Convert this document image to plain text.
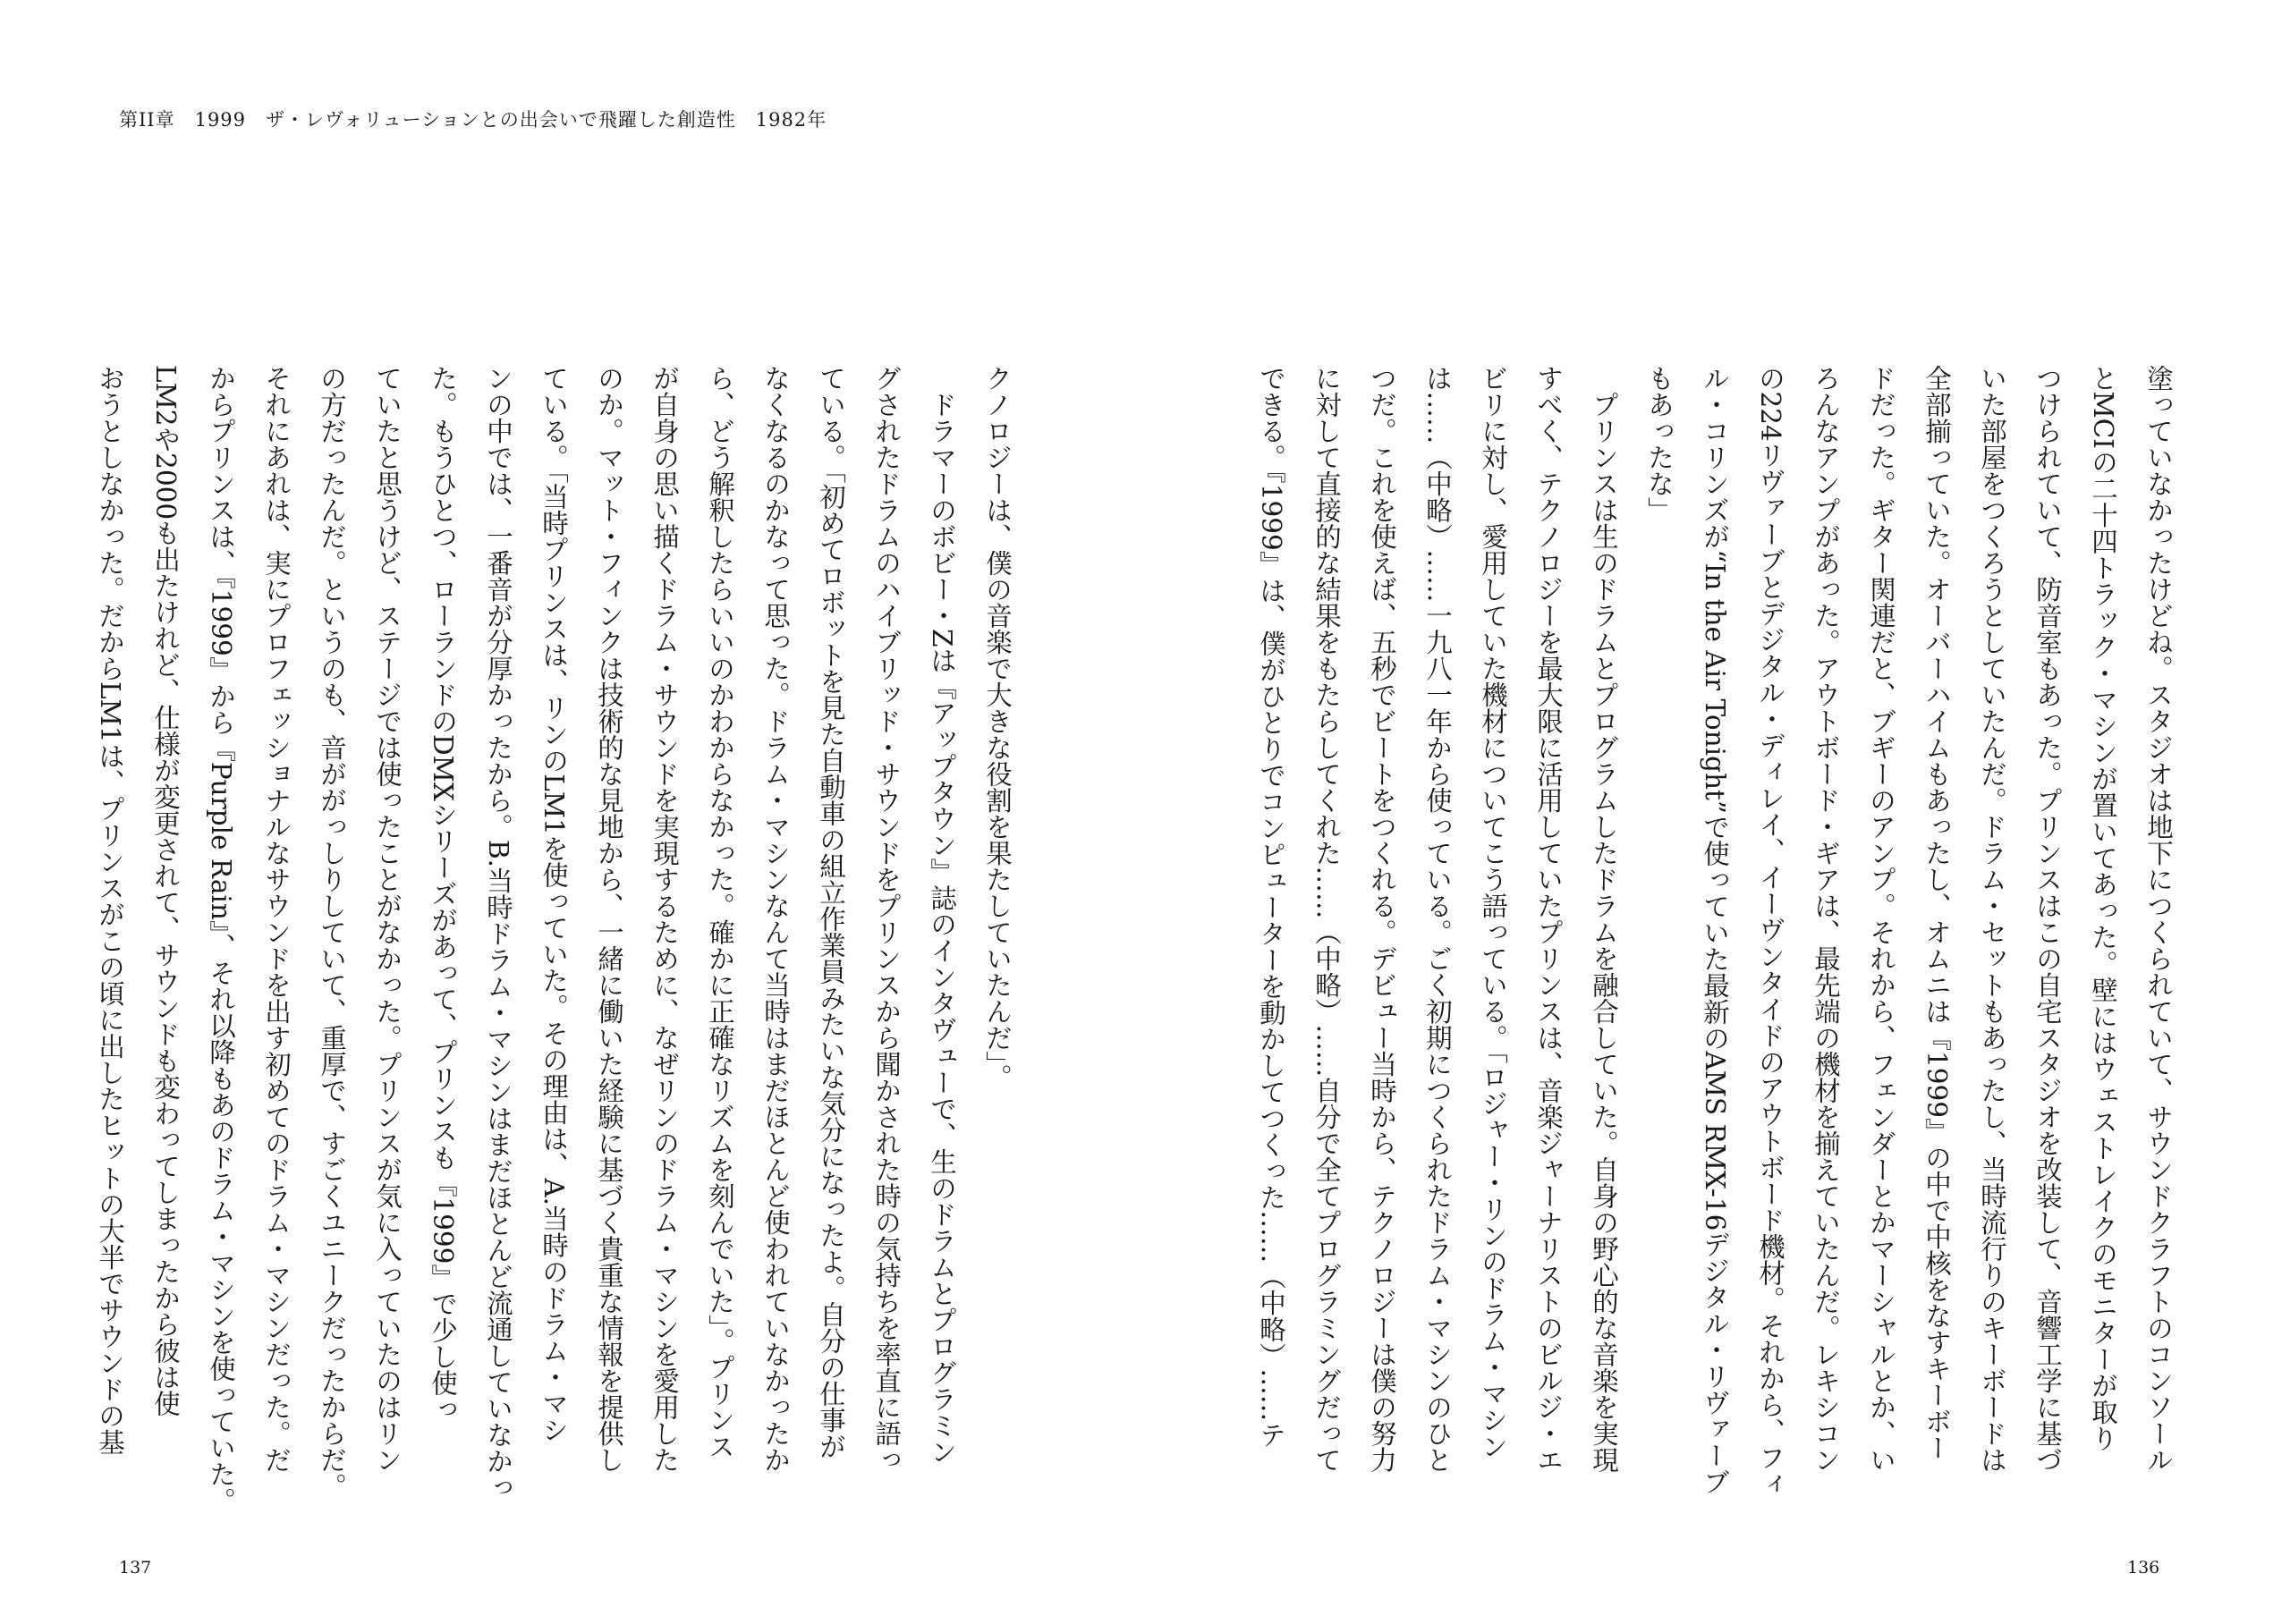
第II章　1999　ザ・レヴォリューションとの出会いで飛躍した創造性　1982年
クノロジーは、僕の音楽で大きな役割を果たしていたんだ」。
　ドラマーのボビー・Zは『アップタウン』誌のインタヴューで、生のドラムとプログラミン
グされたドラムのハイブリッド・サウンドをプリンスから聞かされた時の気持ちを率直に語っ
ている。「初めてロボットを見た自動車の組立作業員みたいな気分になったよ。自分の仕事が
なくなるのかなって思った。ドラム・マシンなんて当時はまだほとんど使われていなかったか
ら、どう解釈したらいいのかわからなかった。確かに正確なリズムを刻んでいた」。プリンス
が自身の思い描くドラム・サウンドを実現するために、なぜリンのドラム・マシンを愛用した
のか。マット・フィンクは技術的な見地から、一緒に働いた経験に基づく貴重な情報を提供し
ている。「当時プリンスは、リンのLM1を使っていた。その理由は、A.当時のドラム・マシ
ンの中では、一番音が分厚かったから。B.当時ドラム・マシンはまだほとんど流通していなかっ
た。もうひとつ、ローランドのDMXシリーズがあって、プリンスも『1999』で少し使っ
ていたと思うけど、ステージでは使ったことがなかった。プリンスが気に入っていたのはリン
の方だったんだ。というのも、音ががっしりしていて、重厚で、すごくユニークだったからだ。
それにあれは、実にプロフェッショナルなサウンドを出す初めてのドラム・マシンだった。だ
からプリンスは、『1999』から『Purple Rain』、それ以降もあのドラム・マシンを使っていた。
LM2や2000も出たけれど、仕様が変更されて、サウンドも変わってしまったから彼は使
おうとしなかった。だからLM1は、プリンスがこの頃に出したヒットの大半でサウンドの基	塗っていなかったけどね。スタジオは地下につくられていて、サウンドクラフトのコンソール
とMCIの二十四トラック・マシンが置いてあった。壁にはウェストレイクのモニターが取り
つけられていて、防音室もあった。プリンスはこの自宅スタジオを改装して、音響工学に基づ
いた部屋をつくろうとしていたんだ。ドラム・セットもあったし、当時流行りのキーボードは
全部揃っていた。オーバーハイムもあったし、オムニは『1999』の中で中核をなすキーボー
ドだった。ギター関連だと、ブギーのアンプ。それから、フェンダーとかマーシャルとか、い
ろんなアンプがあった。アウトボード・ギアは、最先端の機材を揃えていたんだ。レキシコン
の224リヴァーブとデジタル・ディレイ、イーヴンタイドのアウトボード機材。それから、フィ
ル・コリンズが“In the Air Tonight”で使っていた最新のAMS RMX-16デジタル・リヴァーブ
もあったな」
　プリンスは生のドラムとプログラムしたドラムを融合していた。自身の野心的な音楽を実現
すべく、テクノロジーを最大限に活用していたプリンスは、音楽ジャーナリストのビルジ・エ
ビリに対し、愛用していた機材についてこう語っている。「ロジャー・リンのドラム・マシン
は……（中略）……一九八一年から使っている。ごく初期につくられたドラム・マシンのひと
つだ。これを使えば、五秒でビートをつくれる。デビュー当時から、テクノロジーは僕の努力
に対して直接的な結果をもたらしてくれた……（中略）……自分で全てプログラミングだって
できる。『1999』は、僕がひとりでコンピューターを動かしてつくった……（中略）……テ
137	136
